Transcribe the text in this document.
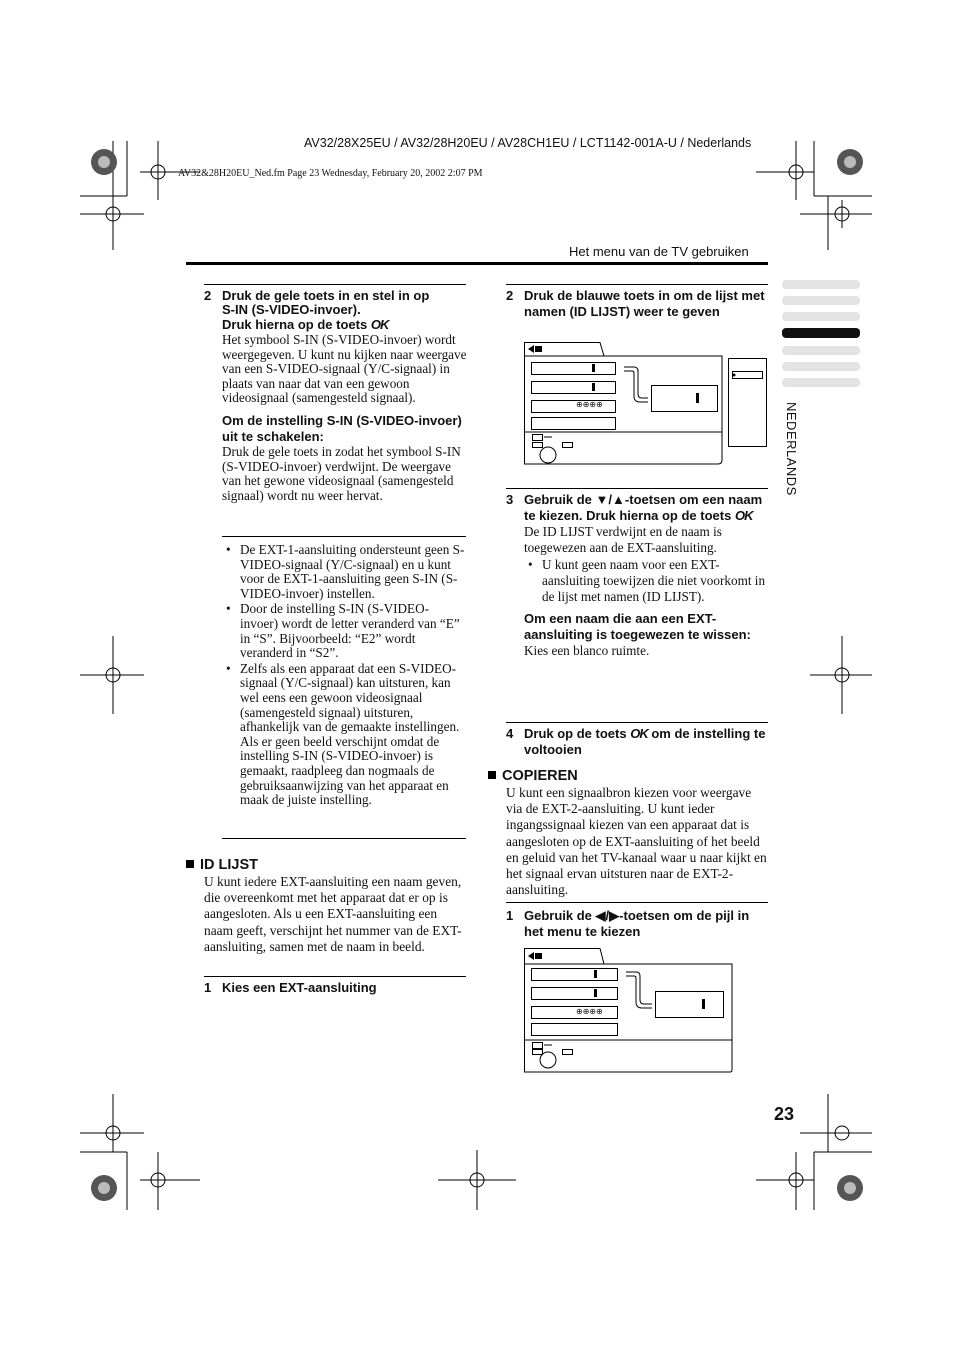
AV32/28X25EU / AV32/28H20EU / AV28CH1EU / LCT1142-001A-U / Nederlands
AV32&28H20EU_Ned.fm Page 23 Wednesday, February 20, 2002 2:07 PM
Het menu van de TV gebruiken
NEDERLANDS
2 Druk de gele toets in en stel in op
S-IN (S-VIDEO-invoer).
Druk hierna op de toets OK
Het symbool S-IN (S-VIDEO-invoer) wordt weergegeven. U kunt nu kijken naar weergave van een S-VIDEO-signaal (Y/C-signaal) in plaats van naar dat van een gewoon videosignaal (samengesteld signaal).
Om de instelling S-IN (S-VIDEO-invoer) uit te schakelen:
Druk de gele toets in zodat het symbool S-IN (S-VIDEO-invoer) verdwijnt. De weergave van het gewone videosignaal (samengesteld signaal) wordt nu weer hervat.
• De EXT-1-aansluiting ondersteunt geen S-VIDEO-signaal (Y/C-signaal) en u kunt voor de EXT-1-aansluiting geen S-IN (S-VIDEO-invoer) instellen.
• Door de instelling S-IN (S-VIDEO-invoer) wordt de letter veranderd van “E” in “S”. Bijvoorbeeld: “E2” wordt veranderd in “S2”.
• Zelfs als een apparaat dat een S-VIDEO-signaal (Y/C-signaal) kan uitsturen, kan wel eens een gewoon videosignaal (samengesteld signaal) uitsturen, afhankelijk van de gemaakte instellingen. Als er geen beeld verschijnt omdat de instelling S-IN (S-VIDEO-invoer) is gemaakt, raadpleeg dan nogmaals de gebruiksaanwijzing van het apparaat en maak de juiste instelling.
ID LIJST
U kunt iedere EXT-aansluiting een naam geven, die overeenkomt met het apparaat dat er op is aangesloten. Als u een EXT-aansluiting een naam geeft, verschijnt het nummer van de EXT-aansluiting, samen met de naam in beeld.
1 Kies een EXT-aansluiting
2 Druk de blauwe toets in om de lijst met namen (ID LIJST) weer te geven
⊕⊕⊕⊕
3 Gebruik de ▼/▲-toetsen om een naam te kiezen. Druk hierna op de toets OK
De ID LIJST verdwijnt en de naam is toegewezen aan de EXT-aansluiting.
• U kunt geen naam voor een EXT-aansluiting toewijzen die niet voorkomt in de lijst met namen (ID LIJST).
Om een naam die aan een EXT-aansluiting is toegewezen te wissen:
Kies een blanco ruimte.
4 Druk op de toets OK om de instelling te voltooien
COPIEREN
U kunt een signaalbron kiezen voor weergave via de EXT-2-aansluiting. U kunt ieder ingangssignaal kiezen van een apparaat dat is aangesloten op de EXT-aansluiting of het beeld en geluid van het TV-kanaal waar u naar kijkt en het signaal ervan uitsturen naar de EXT-2-aansluiting.
1 Gebruik de ◀/▶-toetsen om de pijl in het menu te kiezen
⊕⊕⊕⊕
23
